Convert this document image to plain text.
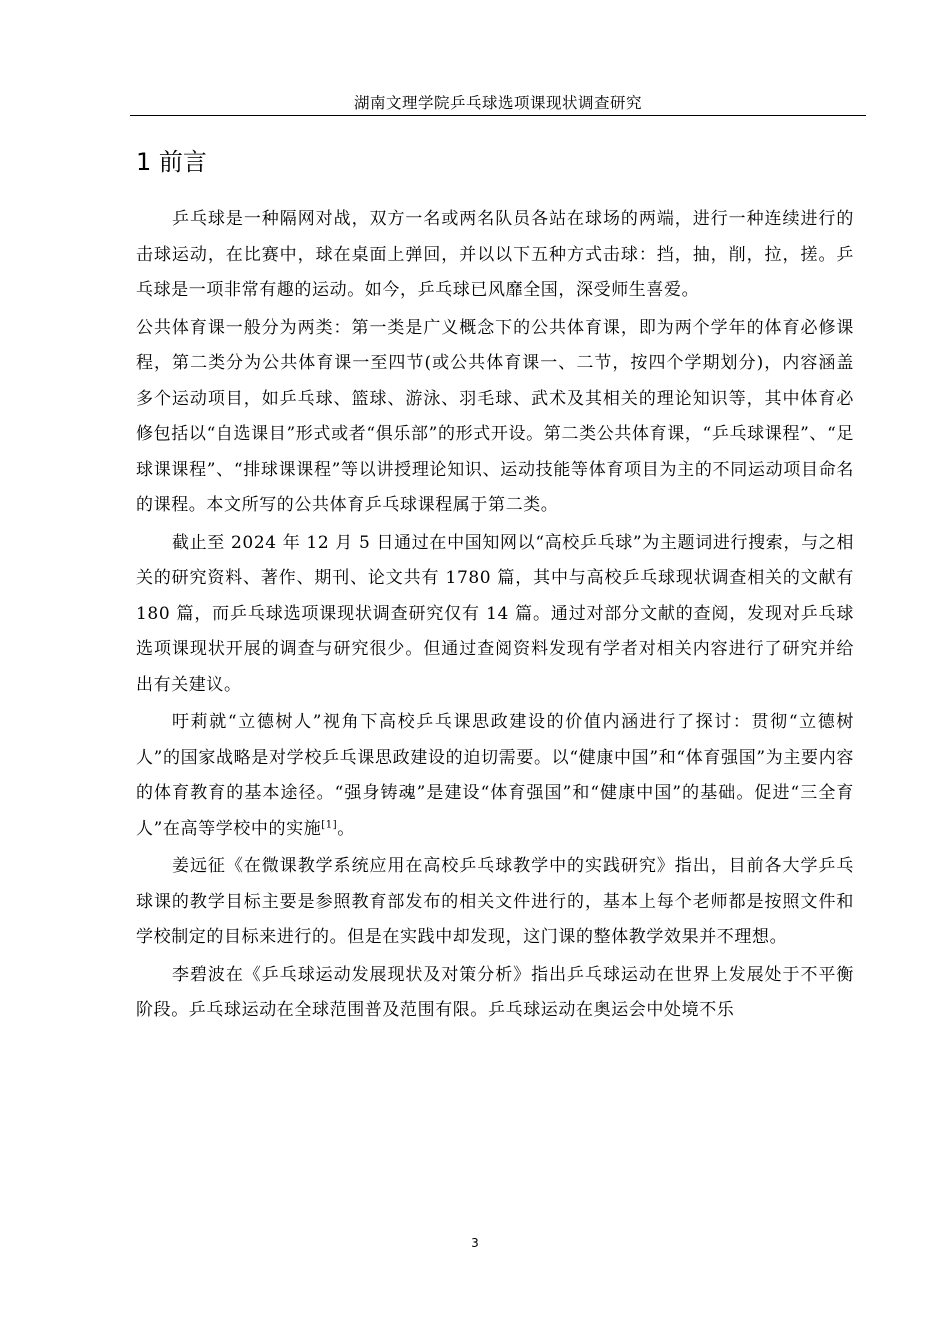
湖南文理学院乒乓球选项课现状调查研究
1 前言

乒乓球是一种隔网对战，双方一名或两名队员各站在球场的两端，进行一种连续进行的击球运动，在比赛中，球在桌面上弹回，并以以下五种方式击球：挡，抽，削，拉，搓。乒乓球是一项非常有趣的运动。如今，乒乓球已风靡全国，深受师生喜爱。

公共体育课一般分为两类：第一类是广义概念下的公共体育课，即为两个学年的体育必修课程，第二类分为公共体育课一至四节(或公共体育课一、二节，按四个学期划分)，内容涵盖多个运动项目，如乒乓球、篮球、游泳、羽毛球、武术及其相关的理论知识等，其中体育必修包括以“自选课目”形式或者“俱乐部”的形式开设。第二类公共体育课，“乒乓球课程”、“足球课课程”、“排球课课程”等以讲授理论知识、运动技能等体育项目为主的不同运动项目命名的课程。本文所写的公共体育乒乓球课程属于第二类。

截止至 2024 年 12 月 5 日通过在中国知网以“高校乒乓球”为主题词进行搜索，与之相关的研究资料、著作、期刊、论文共有 1780 篇，其中与高校乒乓球现状调查相关的文献有 180 篇，而乒乓球选项课现状调查研究仅有 14 篇。通过对部分文献的查阅，发现对乒乓球选项课现状开展的调查与研究很少。但通过查阅资料发现有学者对相关内容进行了研究并给出有关建议。

吁莉就“立德树人”视角下高校乒乓课思政建设的价值内涵进行了探讨：贯彻“立德树人”的国家战略是对学校乒乓课思政建设的迫切需要。以“健康中国”和“体育强国”为主要内容的体育教育的基本途径。“强身铸魂”是建设“体育强国”和“健康中国”的基础。促进“三全育人”在高等学校中的实施[1]。

姜远征《在微课教学系统应用在高校乒乓球教学中的实践研究》指出，目前各大学乒乓球课的教学目标主要是参照教育部发布的相关文件进行的，基本上每个老师都是按照文件和学校制定的目标来进行的。但是在实践中却发现，这门课的整体教学效果并不理想。

李碧波在《乒乓球运动发展现状及对策分析》指出乒乓球运动在世界上发展处于不平衡阶段。乒乓球运动在全球范围普及范围有限。乒乓球运动在奥运会中处境不乐

3
